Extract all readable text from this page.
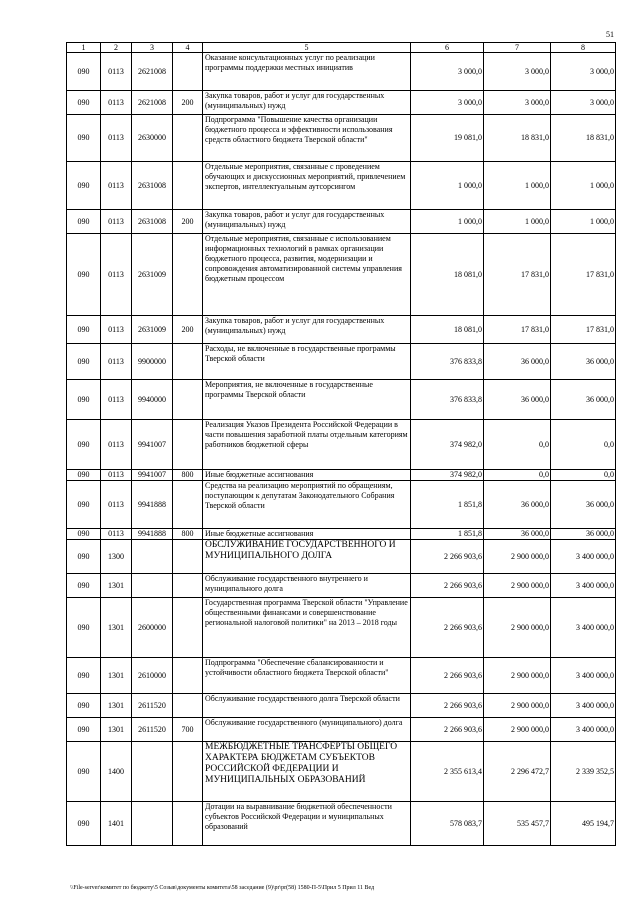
51
1	2	3	4	5	6	7	8
090	0113	2621008		Оказание консультационных услуг по реализации программы поддержки местных инициатив	3 000,0	3 000,0	3 000,0
090	0113	2621008	200	Закупка товаров, работ и услуг для государственных (муниципальных) нужд	3 000,0	3 000,0	3 000,0
090	0113	2630000		Подпрограмма "Повышение качества организации бюджетного процесса и эффективности использования средств областного бюджета Тверской области"	19 081,0	18 831,0	18 831,0
090	0113	2631008		Отдельные мероприятия, связанные с проведением обучающих и дискуссионных мероприятий, привлечением экспертов, интеллектуальным аутсорсингом	1 000,0	1 000,0	1 000,0
090	0113	2631008	200	Закупка товаров, работ и услуг для государственных (муниципальных) нужд	1 000,0	1 000,0	1 000,0
090	0113	2631009		Отдельные мероприятия, связанные с использованием информационных технологий в рамках организации бюджетного процесса, развития, модернизации и сопровождения автоматизированной системы управления бюджетным процессом	18 081,0	17 831,0	17 831,0
090	0113	2631009	200	Закупка товаров, работ и услуг для государственных (муниципальных) нужд	18 081,0	17 831,0	17 831,0
090	0113	9900000		Расходы, не включенные в государственные программы Тверской области	376 833,8	36 000,0	36 000,0
090	0113	9940000		Мероприятия, не включенные в государственные программы Тверской области	376 833,8	36 000,0	36 000,0
090	0113	9941007		Реализация Указов Президента Российской Федерации в части повышения заработной платы отдельным категориям работников бюджетной сферы	374 982,0	0,0	0,0
090	0113	9941007	800	Иные бюджетные ассигнования	374 982,0	0,0	0,0
090	0113	9941888		Средства на реализацию мероприятий по обращениям, поступающим к депутатам Законодательного Собрания Тверской области	1 851,8	36 000,0	36 000,0
090	0113	9941888	800	Иные бюджетные ассигнования	1 851,8	36 000,0	36 000,0
090	1300			ОБСЛУЖИВАНИЕ ГОСУДАРСТВЕННОГО И МУНИЦИПАЛЬНОГО ДОЛГА	2 266 903,6	2 900 000,0	3 400 000,0
090	1301			Обслуживание государственного внутреннего и муниципального долга	2 266 903,6	2 900 000,0	3 400 000,0
090	1301	2600000		Государственная программа Тверской области "Управление общественными финансами и совершенствование региональной налоговой политики" на 2013 – 2018 годы	2 266 903,6	2 900 000,0	3 400 000,0
090	1301	2610000		Подпрограмма "Обеспечение сбалансированности и устойчивости областного бюджета Тверской области"	2 266 903,6	2 900 000,0	3 400 000,0
090	1301	2611520		Обслуживание государственного долга Тверской области	2 266 903,6	2 900 000,0	3 400 000,0
090	1301	2611520	700	Обслуживание государственного (муниципального) долга	2 266 903,6	2 900 000,0	3 400 000,0
090	1400			МЕЖБЮДЖЕТНЫЕ ТРАНСФЕРТЫ ОБЩЕГО ХАРАКТЕРА БЮДЖЕТАМ СУБЪЕКТОВ РОССИЙСКОЙ ФЕДЕРАЦИИ И МУНИЦИПАЛЬНЫХ ОБРАЗОВАНИЙ	2 355 613,4	2 296 472,7	2 339 352,5
090	1401			Дотации на выравнивание бюджетной обеспеченности субъектов Российской Федерации и муниципальных образований	578 083,7	535 457,7	495 194,7
\\File-server\комитет по бюджету\5 Созыв\документы комитета\58 заседание (9)\pr\pr(58) 1580-П-5\Прил 5 Прил 11 Вед
